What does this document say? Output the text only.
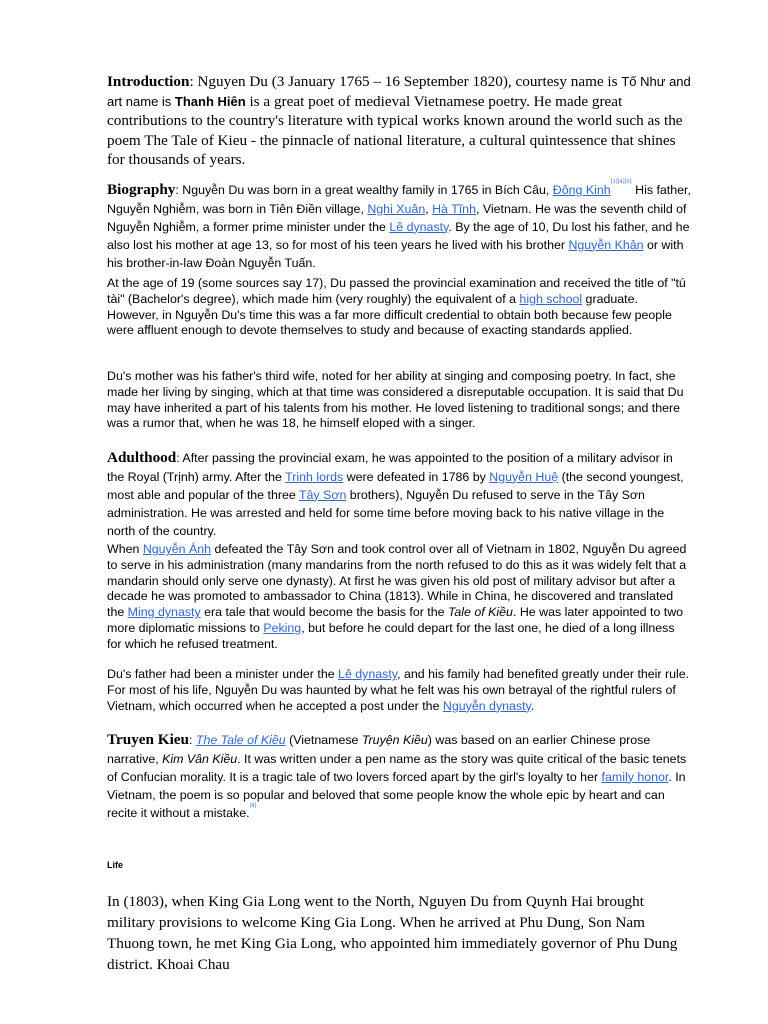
Introduction: Nguyen Du (3 January 1765 – 16 September 1820), courtesy name is Tố Như and art name is Thanh Hiên is a great poet of medieval Vietnamese poetry. He made great contributions to the country's literature with typical works known around the world such as the poem The Tale of Kieu - the pinnacle of national literature, a cultural quintessence that shines for thousands of years.

Biography: Nguyễn Du was born in a great wealthy family in 1765 in Bích Câu, Đông Kinh[1][4][6] His father, Nguyễn Nghiễm, was born in Tiên Điền village, Nghi Xuân, Hà Tĩnh, Vietnam. He was the seventh child of Nguyễn Nghiễm, a former prime minister under the Lê dynasty. By the age of 10, Du lost his father, and he also lost his mother at age 13, so for most of his teen years he lived with his brother Nguyễn Khản or with his brother-in-law Đoàn Nguyễn Tuấn.

At the age of 19 (some sources say 17), Du passed the provincial examination and received the title of "tú tài" (Bachelor's degree), which made him (very roughly) the equivalent of a high school graduate. However, in Nguyễn Du's time this was a far more difficult credential to obtain both because few people were affluent enough to devote themselves to study and because of exacting standards applied.

Du's mother was his father's third wife, noted for her ability at singing and composing poetry. In fact, she made her living by singing, which at that time was considered a disreputable occupation. It is said that Du may have inherited a part of his talents from his mother. He loved listening to traditional songs; and there was a rumor that, when he was 18, he himself eloped with a singer.

Adulthood: After passing the provincial exam, he was appointed to the position of a military advisor in the Royal (Trịnh) army. After the Trinh lords were defeated in 1786 by Nguyễn Huệ (the second youngest, most able and popular of the three Tây Sơn brothers), Nguyễn Du refused to serve in the Tây Sơn administration. He was arrested and held for some time before moving back to his native village in the north of the country.

When Nguyễn Ánh defeated the Tây Sơn and took control over all of Vietnam in 1802, Nguyễn Du agreed to serve in his administration (many mandarins from the north refused to do this as it was widely felt that a mandarin should only serve one dynasty). At first he was given his old post of military advisor but after a decade he was promoted to ambassador to China (1813). While in China, he discovered and translated the Ming dynasty era tale that would become the basis for the Tale of Kiều. He was later appointed to two more diplomatic missions to Peking, but before he could depart for the last one, he died of a long illness for which he refused treatment.

Du's father had been a minister under the Lê dynasty, and his family had benefited greatly under their rule. For most of his life, Nguyễn Du was haunted by what he felt was his own betrayal of the rightful rulers of Vietnam, which occurred when he accepted a post under the Nguyễn dynasty.

Truyen Kieu: The Tale of Kiều (Vietnamese Truyện Kiều) was based on an earlier Chinese prose narrative, Kim Vân Kiều. It was written under a pen name as the story was quite critical of the basic tenets of Confucian morality. It is a tragic tale of two lovers forced apart by the girl's loyalty to her family honor. In Vietnam, the poem is so popular and beloved that some people know the whole epic by heart and can recite it without a mistake.[8]

Life

In (1803), when King Gia Long went to the North, Nguyen Du from Quynh Hai brought military provisions to welcome King Gia Long. When he arrived at Phu Dung, Son Nam Thuong town, he met King Gia Long, who appointed him immediately governor of Phu Dung district. Khoai Chau
